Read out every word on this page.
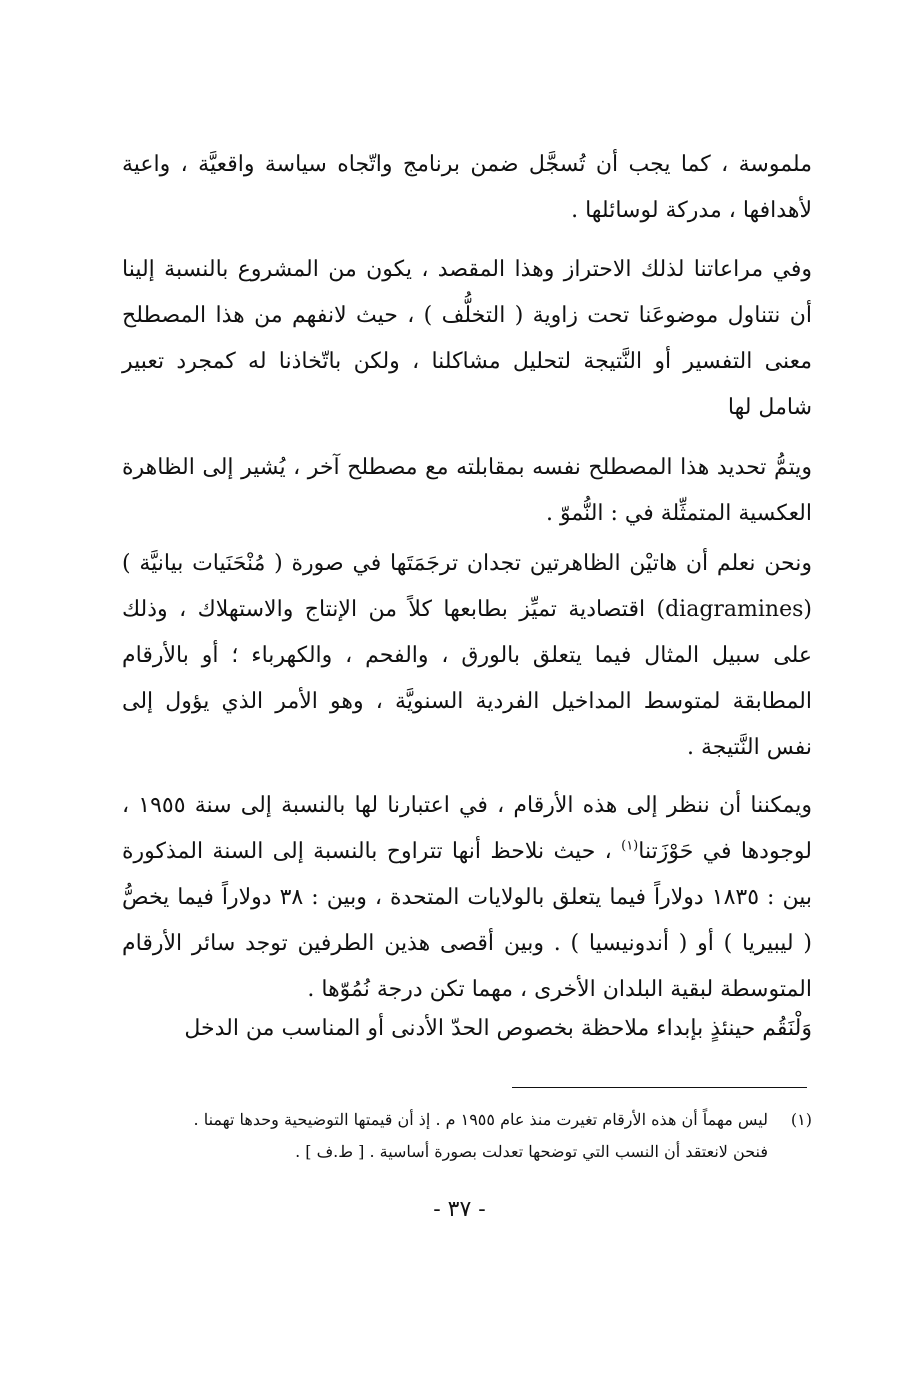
ملموسة ، كما يجب أن تُسجَّل ضمن برنامج واتّجاه سياسة واقعيَّة ، واعية لأهدافها ، مدركة لوسائلها .

وفي مراعاتنا لذلك الاحتراز وهذا المقصد ، يكون من المشروع بالنسبة إلينا أن نتناول موضوعَنا تحت زاوية ( التخلُّف ) ، حيث لانفهم من هذا المصطلح معنى التفسير أو النَّتيجة لتحليل مشاكلنا ، ولكن باتّخاذنا له كمجرد تعبير شامل لها

ويتمُّ تحديد هذا المصطلح نفسه بمقابلته مع مصطلح آخر ، يُشير إلى الظاهرة العكسية المتمثِّلة في : النُّموّ .

ونحن نعلم أن هاتيْن الظاهرتين تجدان ترجَمَتَها في صورة ( مُنْحَنَيات بيانيَّة ) (diagramines) اقتصادية تميِّز بطابعها كلاً من الإنتاج والاستهلاك ، وذلك على سبيل المثال فيما يتعلق بالورق ، والفحم ، والكهرباء ؛ أو بالأرقام المطابقة لمتوسط المداخيل الفردية السنويَّة ، وهو الأمر الذي يؤول إلى نفس النَّتيجة .

ويمكننا أن ننظر إلى هذه الأرقام ، في اعتبارنا لها بالنسبة إلى سنة ١٩٥٥ ، لوجودها في حَوْزَتنا$^{(١)}$ ، حيث نلاحظ أنها تتراوح بالنسبة إلى السنة المذكورة بين : ١٨٣٥ دولاراً فيما يتعلق بالولايات المتحدة ، وبين : ٣٨ دولاراً فيما يخصُّ ( ليبيريا ) أو ( أندونيسيا ) . وبين أقصى هذين الطرفين توجد سائر الأرقام المتوسطة لبقية البلدان الأخرى ، مهما تكن درجة نُمُوّها .

وَلْنَقُم حينئذٍ بإبداء ملاحظة بخصوص الحدّ الأدنى أو المناسب من الدخل

(١)ليس مهماً أن هذه الأرقام تغيرت منذ عام ١٩٥٥ م . إذ أن قيمتها التوضيحية وحدها تهمنا .
فنحن لانعتقد أن النسب التي توضحها تعدلت بصورة أساسية . [ ط.ف ] .
- ٣٧ -
